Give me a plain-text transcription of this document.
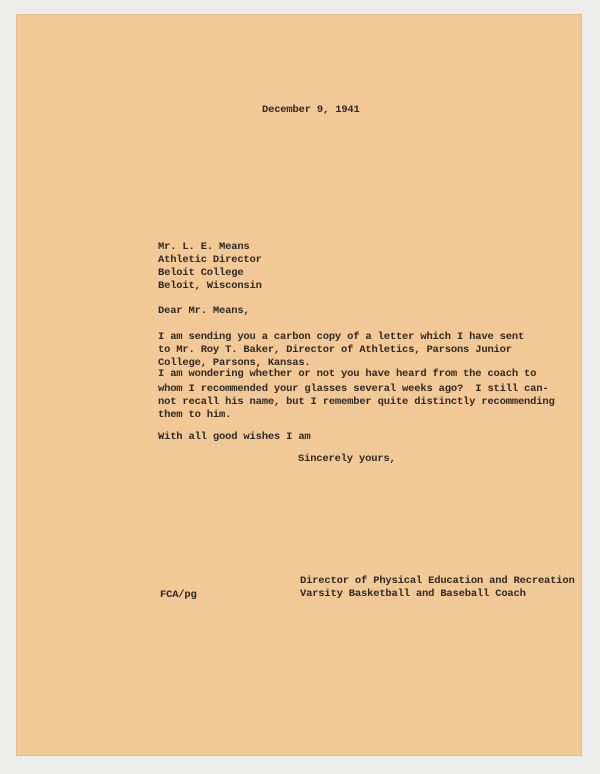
December 9, 1941
Mr. L. E. Means
Athletic Director
Beloit College
Beloit, Wisconsin
Dear Mr. Means,
I am sending you a carbon copy of a letter which I have sent
to Mr. Roy T. Baker, Director of Athletics, Parsons Junior
College, Parsons, Kansas.
I am wondering whether or not you have heard from the coach to
whom I recommended your glasses several weeks ago?  I still can-
not recall his name, but I remember quite distinctly recommending
them to him.
With all good wishes I am
Sincerely yours,
FCA/pg
Director of Physical Education and Recreation
Varsity Basketball and Baseball Coach
